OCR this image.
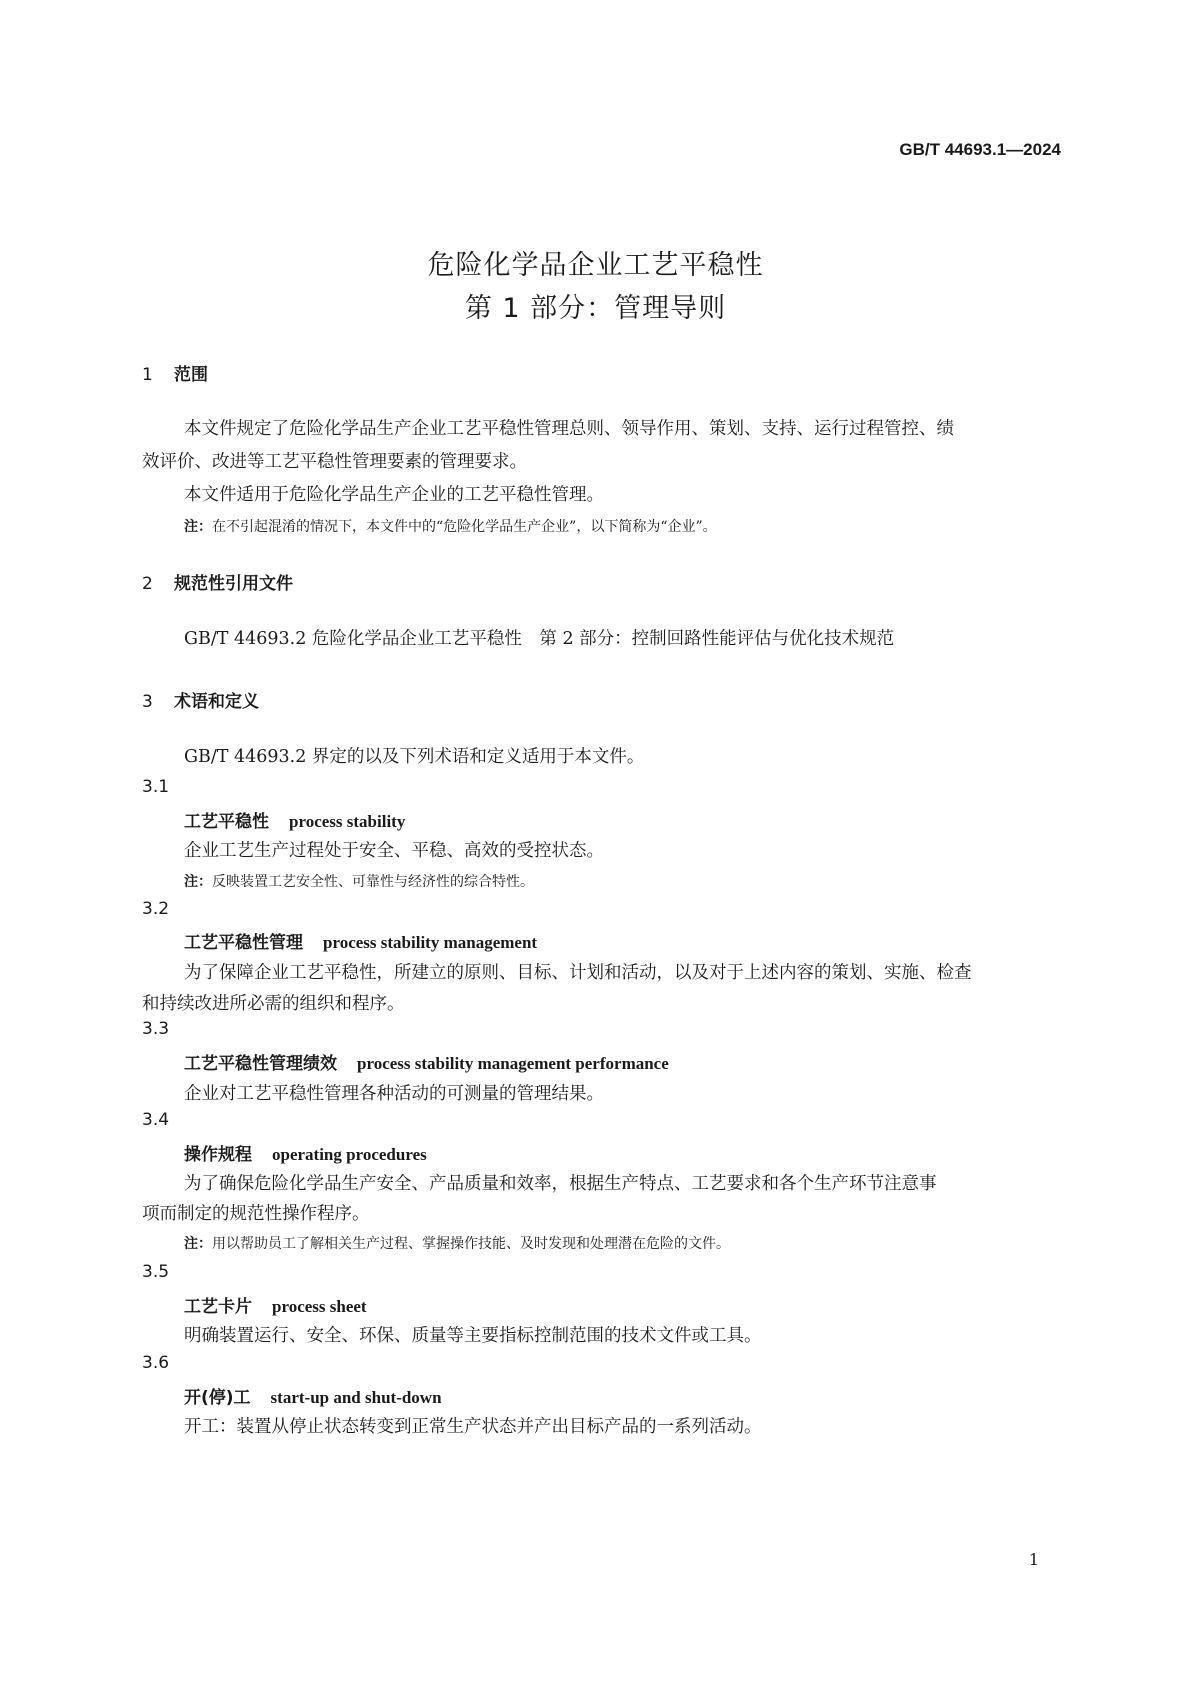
GB/T 44693.1—2024
危险化学品企业工艺平稳性
第 1 部分：管理导则
1 范围
本文件规定了危险化学品生产企业工艺平稳性管理总则、领导作用、策划、支持、运行过程管控、绩
效评价、改进等工艺平稳性管理要素的管理要求。
本文件适用于危险化学品生产企业的工艺平稳性管理。
注：在不引起混淆的情况下，本文件中的“危险化学品生产企业”，以下简称为“企业”。
2 规范性引用文件
GB/T 44693.2 危险化学品企业工艺平稳性　第 2 部分：控制回路性能评估与优化技术规范
3 术语和定义
GB/T 44693.2 界定的以及下列术语和定义适用于本文件。
3.1
工艺平稳性 process stability
企业工艺生产过程处于安全、平稳、高效的受控状态。
注：反映装置工艺安全性、可靠性与经济性的综合特性。
3.2
工艺平稳性管理 process stability management
为了保障企业工艺平稳性，所建立的原则、目标、计划和活动，以及对于上述内容的策划、实施、检查
和持续改进所必需的组织和程序。
3.3
工艺平稳性管理绩效 process stability management performance
企业对工艺平稳性管理各种活动的可测量的管理结果。
3.4
操作规程 operating procedures
为了确保危险化学品生产安全、产品质量和效率，根据生产特点、工艺要求和各个生产环节注意事
项而制定的规范性操作程序。
注：用以帮助员工了解相关生产过程、掌握操作技能、及时发现和处理潜在危险的文件。
3.5
工艺卡片 process sheet
明确装置运行、安全、环保、质量等主要指标控制范围的技术文件或工具。
3.6
开(停)工 start-up and shut-down
开工：装置从停止状态转变到正常生产状态并产出目标产品的一系列活动。
1
